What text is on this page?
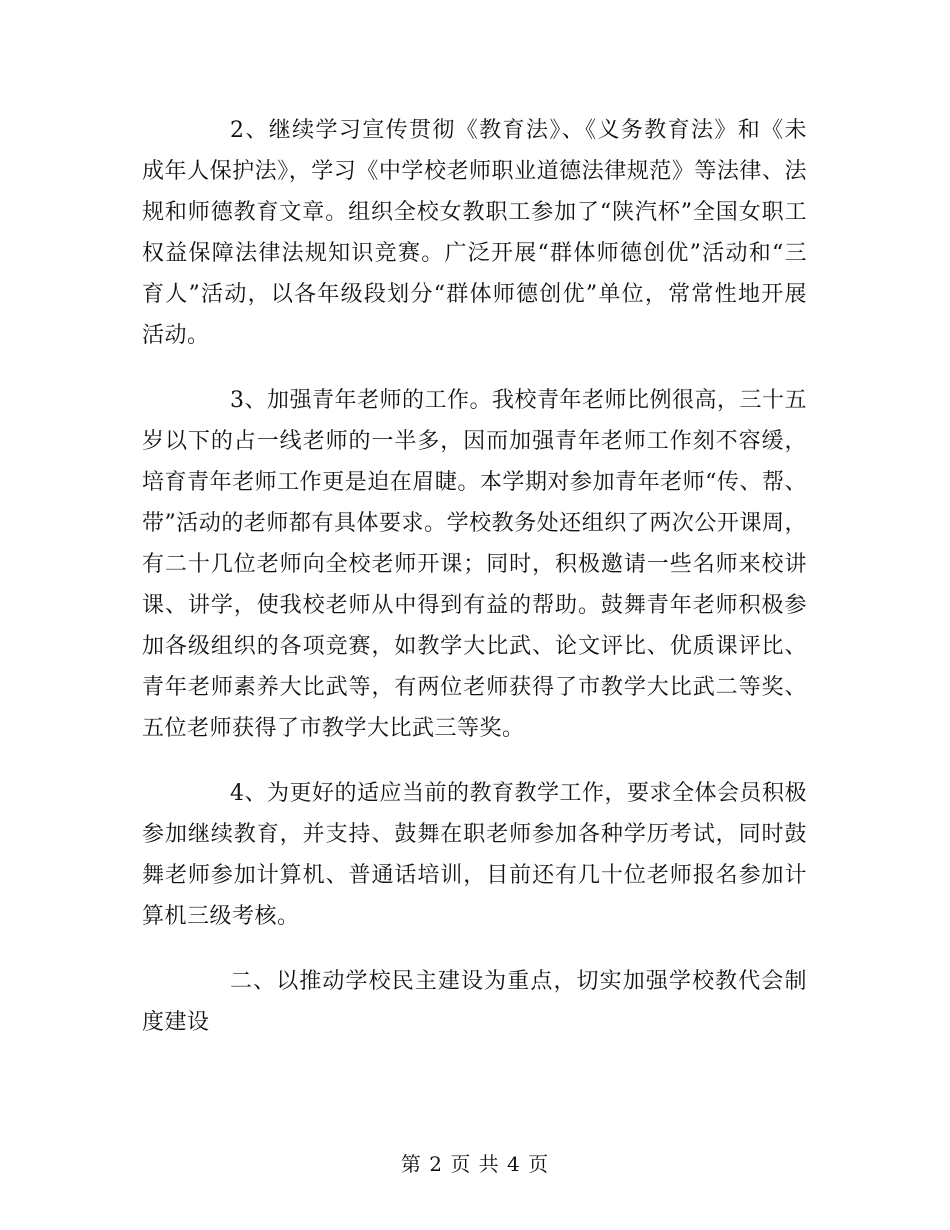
2、继续学习宣传贯彻《教育法》、《义务教育法》和《未成年人保护法》，学习《中学校老师职业道德法律规范》等法律、法规和师德教育文章。组织全校女教职工参加了“陕汽杯”全国女职工权益保障法律法规知识竞赛。广泛开展“群体师德创优”活动和“三育人”活动，以各年级段划分“群体师德创优”单位，常常性地开展活动。

3、加强青年老师的工作。我校青年老师比例很高，三十五岁以下的占一线老师的一半多，因而加强青年老师工作刻不容缓，培育青年老师工作更是迫在眉睫。本学期对参加青年老师“传、帮、带”活动的老师都有具体要求。学校教务处还组织了两次公开课周，有二十几位老师向全校老师开课；同时，积极邀请一些名师来校讲课、讲学，使我校老师从中得到有益的帮助。鼓舞青年老师积极参加各级组织的各项竞赛，如教学大比武、论文评比、优质课评比、青年老师素养大比武等，有两位老师获得了市教学大比武二等奖、五位老师获得了市教学大比武三等奖。

4、为更好的适应当前的教育教学工作，要求全体会员积极参加继续教育，并支持、鼓舞在职老师参加各种学历考试，同时鼓舞老师参加计算机、普通话培训，目前还有几十位老师报名参加计算机三级考核。

二、以推动学校民主建设为重点，切实加强学校教代会制度建设

第 2 页 共 4 页
